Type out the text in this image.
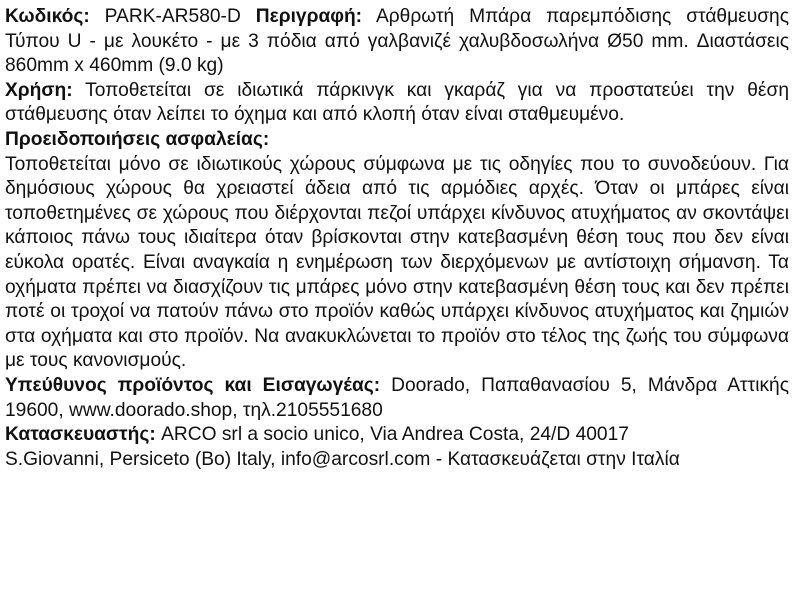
Κωδικός: PARK-AR580-D Περιγραφή: Αρθρωτή Μπάρα παρεμπόδισης στάθμευσης Τύπου U - με λουκέτο - με 3 πόδια από γαλβανιζέ χαλυβδοσωλήνα Ø50 mm. Διαστάσεις 860mm x 460mm (9.0 kg)

Χρήση: Τοποθετείται σε ιδιωτικά πάρκινγκ και γκαράζ για να προστατεύει την θέση στάθμευσης όταν λείπει το όχημα και από κλοπή όταν είναι σταθμευμένο.

Προειδοποιήσεις ασφαλείας:

Τοποθετείται μόνο σε ιδιωτικούς χώρους σύμφωνα με τις οδηγίες που το συνοδεύουν. Για δημόσιους χώρους θα χρειαστεί άδεια από τις αρμόδιες αρχές. Όταν οι μπάρες είναι τοποθετημένες σε χώρους που διέρχονται πεζοί υπάρχει κίνδυνος ατυχήματος αν σκοντάψει κάποιος πάνω τους ιδιαίτερα όταν βρίσκονται στην κατεβασμένη θέση τους που δεν είναι εύκολα ορατές. Είναι αναγκαία η ενημέρωση των διερχόμενων με αντίστοιχη σήμανση. Τα οχήματα πρέπει να διασχίζουν τις μπάρες μόνο στην κατεβασμένη θέση τους και δεν πρέπει ποτέ οι τροχοί να πατούν πάνω στο προϊόν καθώς υπάρχει κίνδυνος ατυχήματος και ζημιών στα οχήματα και στο προϊόν. Να ανακυκλώνεται το προϊόν στο τέλος της ζωής του σύμφωνα με τους κανονισμούς.

Υπεύθυνος προϊόντος και Εισαγωγέας: Doorado, Παπαθανασίου 5, Μάνδρα Αττικής 19600, www.doorado.shop, τηλ.2105551680

Κατασκευαστής: ARCO srl a socio unico, Via Andrea Costa, 24/D 40017
S.Giovanni, Persiceto (Bo) Italy, info@arcosrl.com - Κατασκευάζεται στην Ιταλία
